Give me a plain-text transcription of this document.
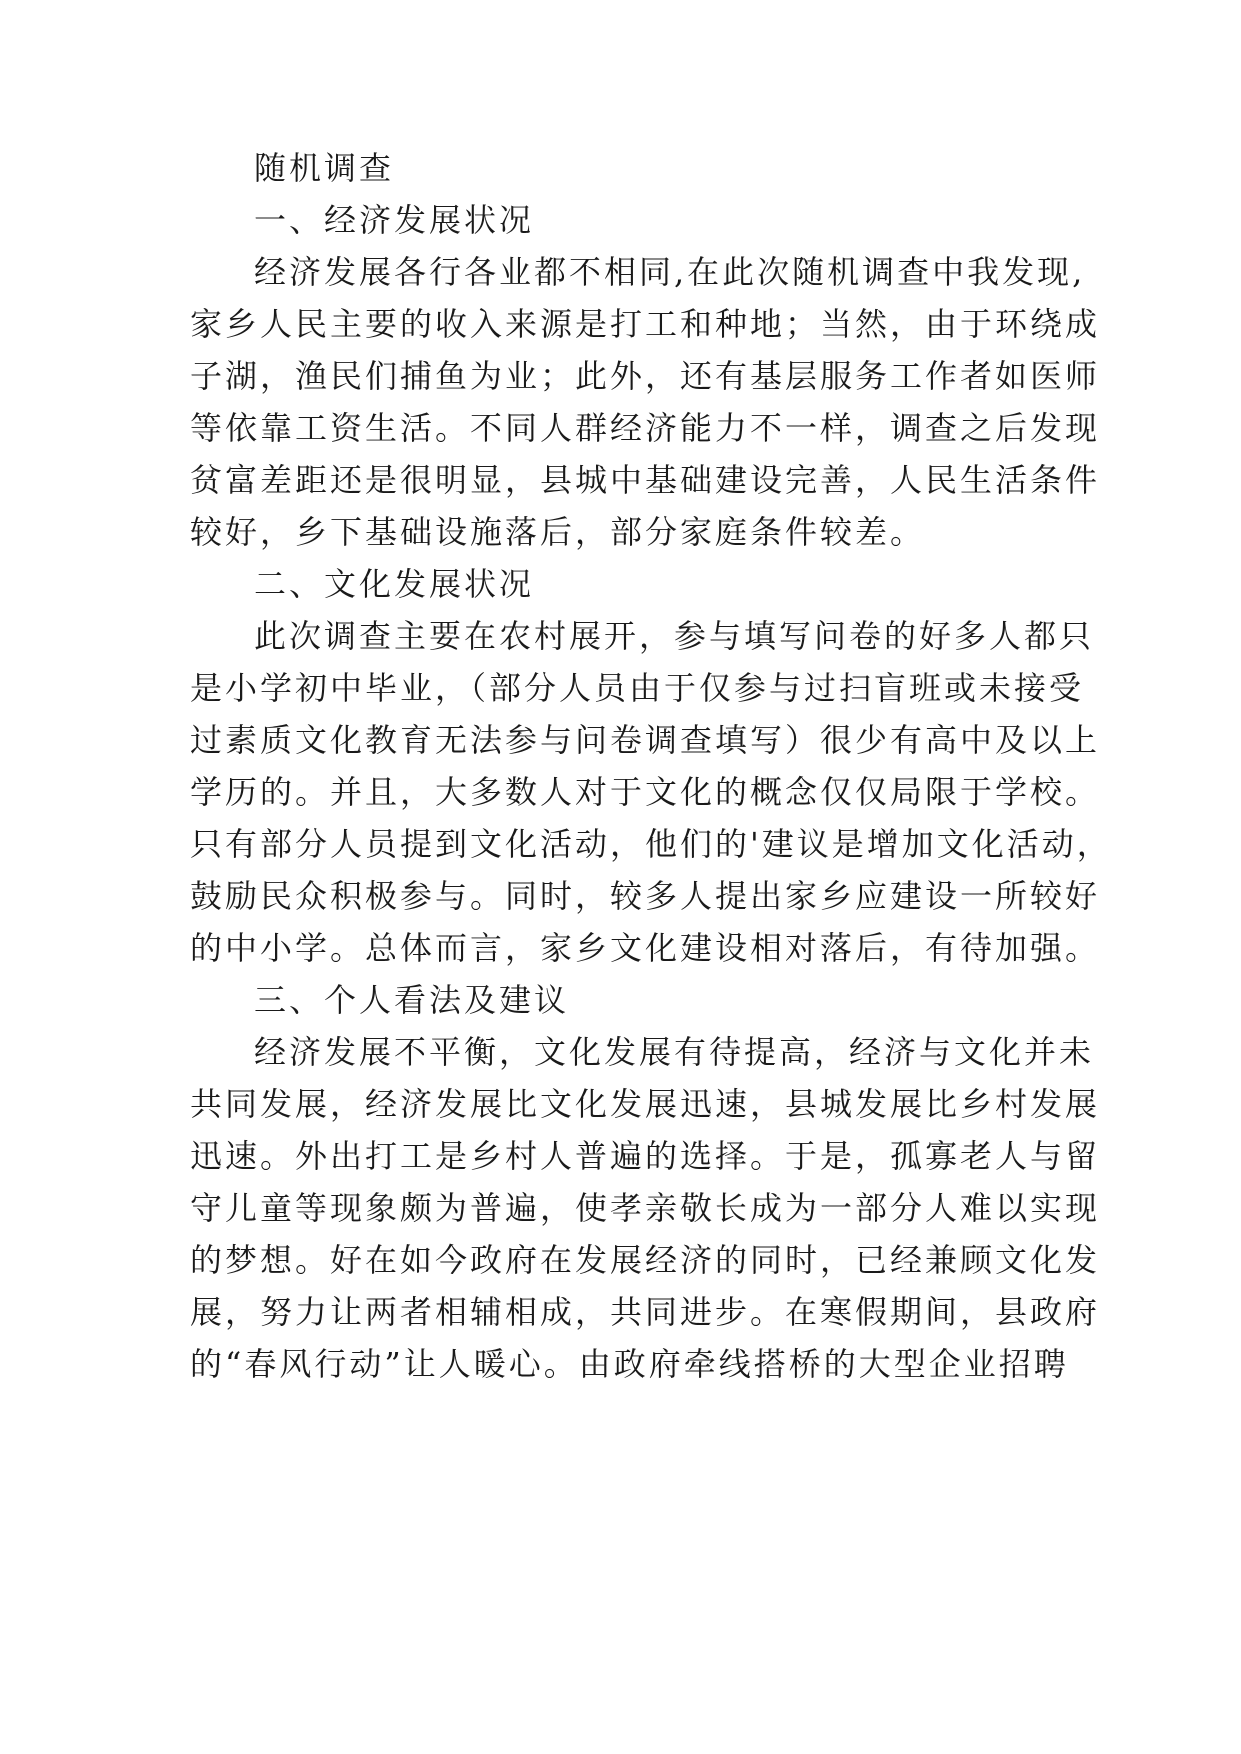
随机调查
一、经济发展状况
经济发展各行各业都不相同,在此次随机调查中我发现,
家乡人民主要的收入来源是打工和种地；当然，由于环绕成
子湖，渔民们捕鱼为业；此外，还有基层服务工作者如医师
等依靠工资生活。不同人群经济能力不一样，调查之后发现
贫富差距还是很明显，县城中基础建设完善，人民生活条件
较好，乡下基础设施落后，部分家庭条件较差。
二、文化发展状况
此次调查主要在农村展开，参与填写问卷的好多人都只
是小学初中毕业，（部分人员由于仅参与过扫盲班或未接受
过素质文化教育无法参与问卷调查填写）很少有高中及以上
学历的。并且，大多数人对于文化的概念仅仅局限于学校。
只有部分人员提到文化活动，他们的'建议是增加文化活动，
鼓励民众积极参与。同时，较多人提出家乡应建设一所较好
的中小学。总体而言，家乡文化建设相对落后，有待加强。
三、个人看法及建议
经济发展不平衡，文化发展有待提高，经济与文化并未
共同发展，经济发展比文化发展迅速，县城发展比乡村发展
迅速。外出打工是乡村人普遍的选择。于是，孤寡老人与留
守儿童等现象颇为普遍，使孝亲敬长成为一部分人难以实现
的梦想。好在如今政府在发展经济的同时，已经兼顾文化发
展，努力让两者相辅相成，共同进步。在寒假期间，县政府
的“春风行动”让人暖心。由政府牵线搭桥的大型企业招聘
